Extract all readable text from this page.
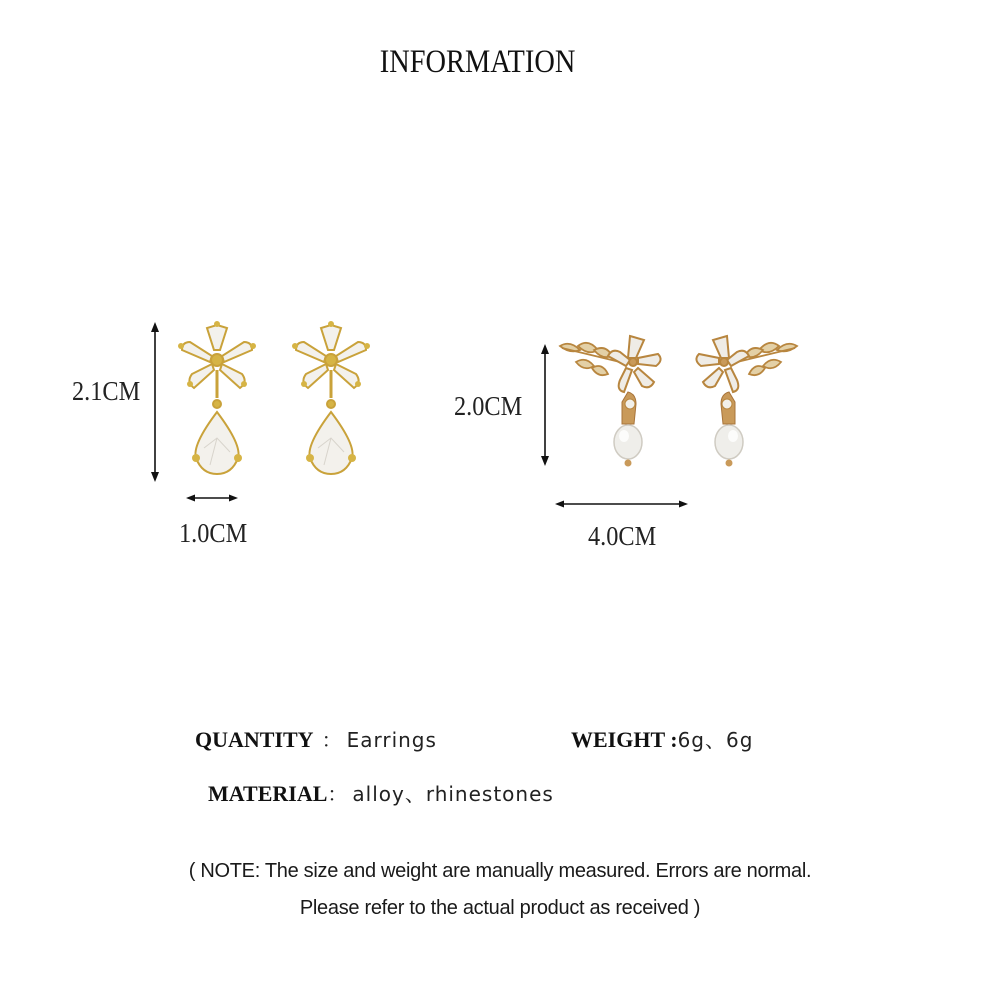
INFORMATION
2.1CM
1.0CM
2.0CM
4.0CM
QUANTITY ： Earrings	WEIGHT :6g、6g
MATERIAL： alloy、rhinestones
( NOTE: The size and weight are manually measured. Errors are normal.
Please refer to the actual product as received )
